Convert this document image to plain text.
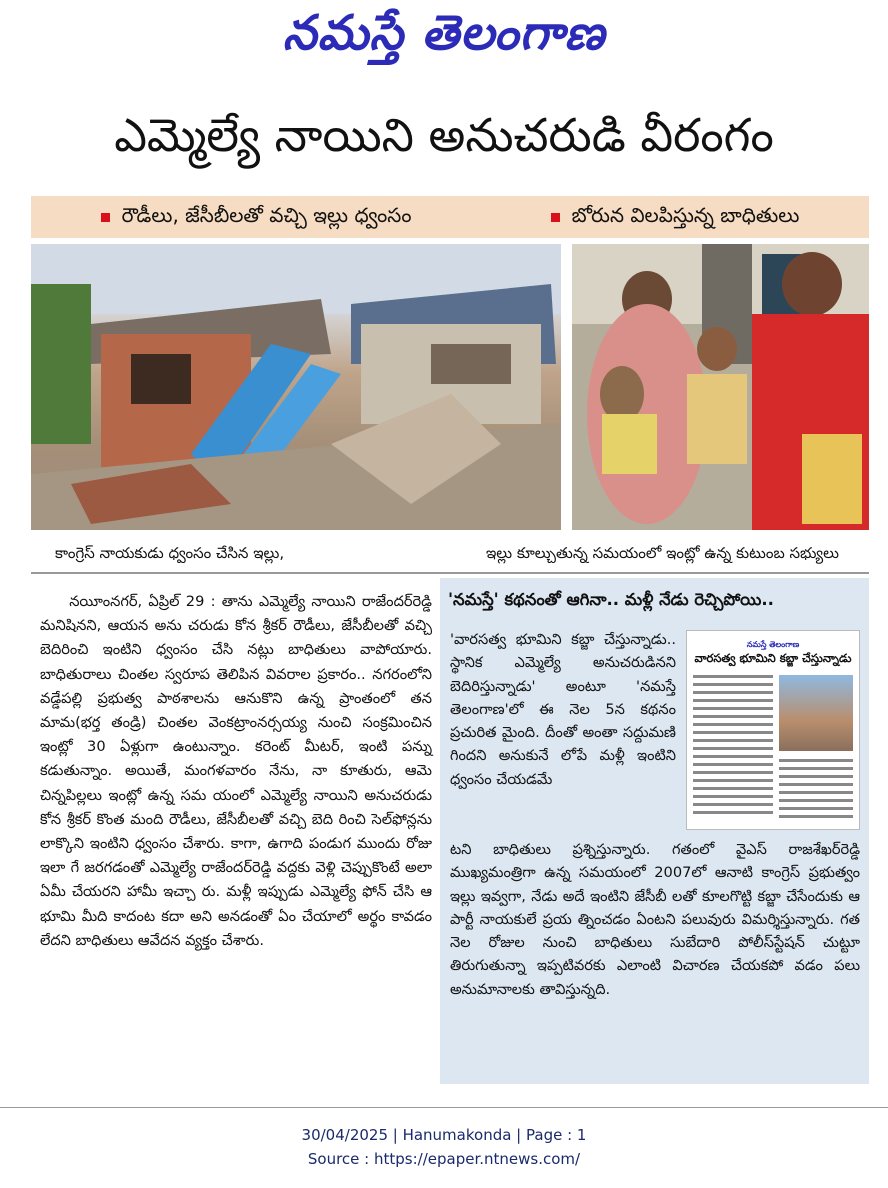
నమస్తే తెలంగాణ
ఎమ్మెల్యే నాయిని అనుచరుడి వీరంగం
రౌడీలు, జేసీబీలతో వచ్చి ఇల్లు ధ్వంసం	బోరున విలపిస్తున్న బాధితులు
కాంగ్రెస్ నాయకుడు ధ్వంసం చేసిన ఇల్లు,	ఇల్లు కూల్చుతున్న సమయంలో ఇంట్లో ఉన్న కుటుంబ సభ్యులు

నయీంనగర్, ఏప్రిల్ 29 : తాను ఎమ్మెల్యే నాయిని రాజేందర్‌రెడ్డి మనిషినని, ఆయన అను చరుడు కోన శ్రీకర్ రౌడీలు, జేసీబీలతో వచ్చి బెదిరించి ఇంటిని ధ్వంసం చేసి నట్లు బాధితులు వాపోయారు. బాధితురాలు చింతల స్వరూప తెలిపిన వివరాల ప్రకారం.. నగరంలోని వడ్డేపల్లి ప్రభుత్వ పాఠశాలను ఆనుకొని ఉన్న ప్రాంతంలో తన మామ(భర్త తండ్రి) చింతల వెంకట్రాంనర్సయ్య నుంచి సంక్రమించిన ఇంట్లో 30 ఏళ్లుగా ఉంటున్నాం. కరెంట్ మీటర్, ఇంటి పన్ను కడుతున్నాం. అయితే, మంగళవారం నేను, నా కూతురు, ఆమె చిన్నపిల్లలు ఇంట్లో ఉన్న సమ యంలో ఎమ్మెల్యే నాయిని అనుచరుడు కోన శ్రీకర్ కొంత మంది రౌడీలు, జేసీబీలతో వచ్చి బెది రించి సెల్‌ఫోన్లను లాక్కొని ఇంటిని ధ్వంసం చేశారు. కాగా, ఉగాది పండుగ ముందు రోజు ఇలా గే జరగడంతో ఎమ్మెల్యే రాజేందర్‌రెడ్డి వద్దకు వెళ్లి చెప్పుకొంటే అలా ఏమీ చేయరని హామీ ఇచ్చా రు. మళ్లీ ఇప్పుడు ఎమ్మెల్యే ఫోన్ చేసి ఆ భూమి మీది కాదంట కదా అని అనడంతో ఏం చేయాలో అర్థం కావడం లేదని బాధితులు ఆవేదన వ్యక్తం చేశారు.

'నమస్తే' కథనంతో ఆగినా.. మళ్లీ నేడు రెచ్చిపోయి..
నమస్తే తెలంగాణ
వారసత్వ భూమిని కబ్జా చేస్తున్నాడు
'వారసత్వ భూమిని కబ్జా చేస్తున్నాడు.. స్థానిక ఎమ్మెల్యే అనుచరుడినని బెదిరిస్తున్నాడు' అంటూ 'నమస్తే తెలంగాణ'లో ఈ నెల 5న కథనం ప్రచురిత మైంది. దీంతో అంతా సద్దుమణి గిందని అనుకునే లోపే మళ్లీ ఇంటిని ధ్వంసం చేయడమే

టని బాధితులు ప్రశ్నిస్తున్నారు. గతంలో వైఎస్ రాజశేఖర్‌రెడ్డి ముఖ్యమంత్రిగా ఉన్న సమయంలో 2007లో ఆనాటి కాంగ్రెస్ ప్రభుత్వం ఇల్లు ఇవ్వగా, నేడు అదే ఇంటిని జేసీబీ లతో కూలగొట్టి కబ్జా చేసేందుకు ఆ పార్టీ నాయకులే ప్రయ త్నించడం ఏంటని పలువురు విమర్శిస్తున్నారు. గత నెల రోజుల నుంచి బాధితులు సుబేదారి పోలీస్‌స్టేషన్ చుట్టూ తిరుగుతున్నా ఇప్పటివరకు ఎలాంటి విచారణ చేయకపో వడం పలు అనుమానాలకు తావిస్తున్నది.

30/04/2025 | Hanumakonda | Page : 1
Source : https://epaper.ntnews.com/
